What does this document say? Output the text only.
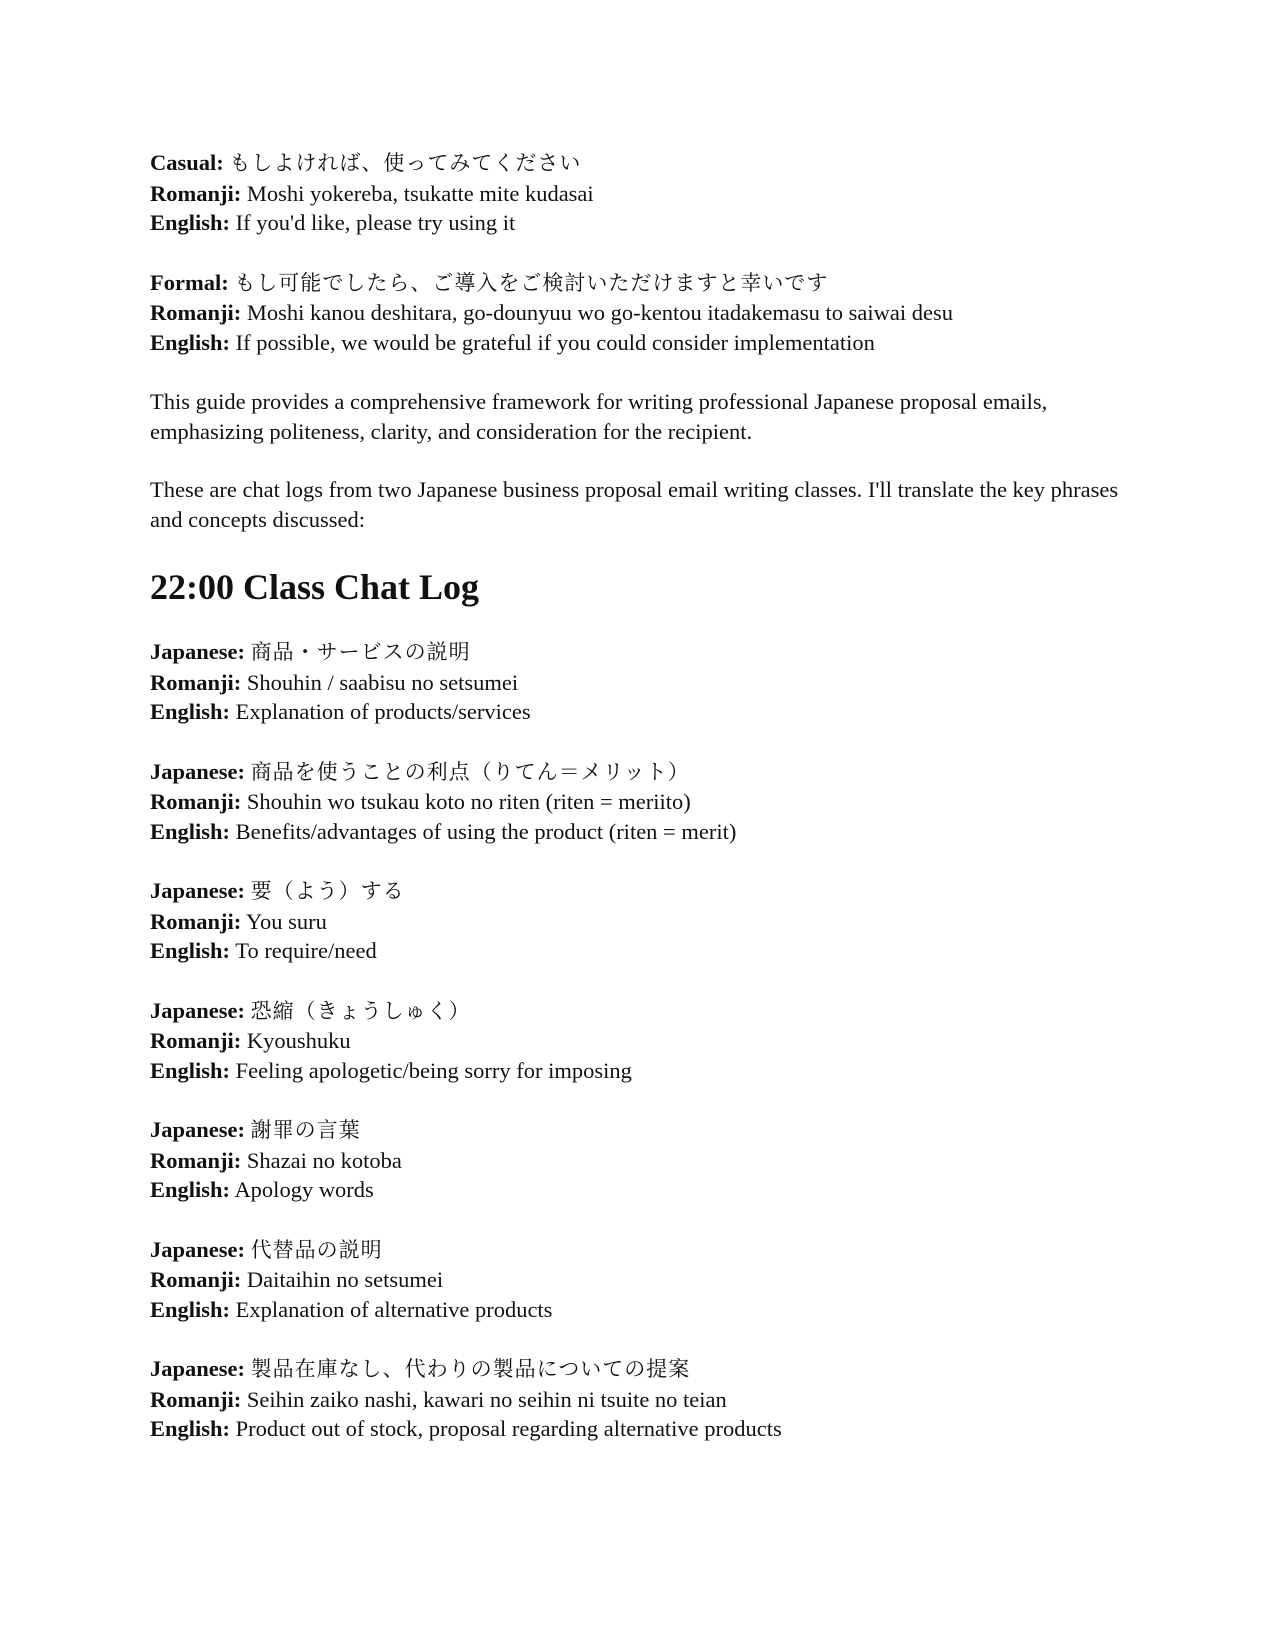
Casual: もしよければ、使ってみてください
Romanji: Moshi yokereba, tsukatte mite kudasai
English: If you'd like, please try using it
Formal: もし可能でしたら、ご導入をご検討いただけますと幸いです
Romanji: Moshi kanou deshitara, go-dounyuu wo go-kentou itadakemasu to saiwai desu
English: If possible, we would be grateful if you could consider implementation

This guide provides a comprehensive framework for writing professional Japanese proposal emails, emphasizing politeness, clarity, and consideration for the recipient.

These are chat logs from two Japanese business proposal email writing classes. I'll translate the key phrases and concepts discussed:

22:00 Class Chat Log
Japanese: 商品・サービスの説明
Romanji: Shouhin / saabisu no setsumei
English: Explanation of products/services
Japanese: 商品を使うことの利点（りてん＝メリット）
Romanji: Shouhin wo tsukau koto no riten (riten = meriito)
English: Benefits/advantages of using the product (riten = merit)
Japanese: 要（よう）する
Romanji: You suru
English: To require/need
Japanese: 恐縮（きょうしゅく）
Romanji: Kyoushuku
English: Feeling apologetic/being sorry for imposing
Japanese: 謝罪の言葉
Romanji: Shazai no kotoba
English: Apology words
Japanese: 代替品の説明
Romanji: Daitaihin no setsumei
English: Explanation of alternative products
Japanese: 製品在庫なし、代わりの製品についての提案
Romanji: Seihin zaiko nashi, kawari no seihin ni tsuite no teian
English: Product out of stock, proposal regarding alternative products
